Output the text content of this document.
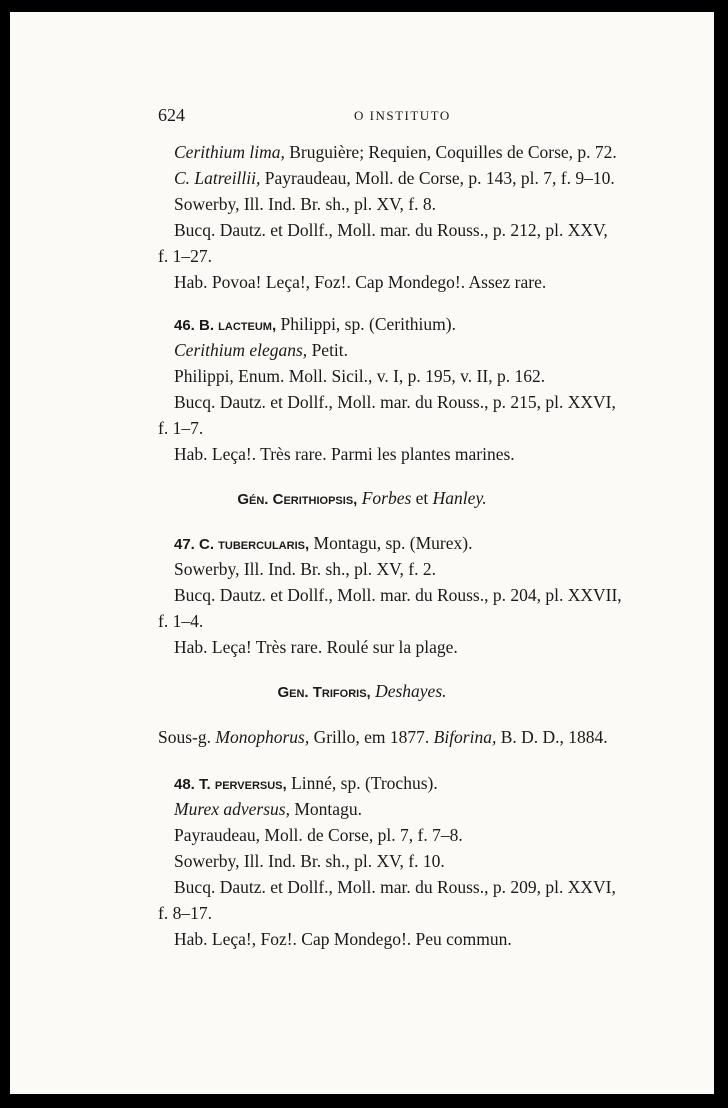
624	O INSTITUTO
Cerithium lima, Bruguière; Requien, Coquilles de Corse, p. 72.
C. Latreillii, Payraudeau, Moll. de Corse, p. 143, pl. 7, f. 9–10.
Sowerby, Ill. Ind. Br. sh., pl. XV, f. 8.
Bucq. Dautz. et Dollf., Moll. mar. du Rouss., p. 212, pl. XXV,
f. 1–27.
Hab. Povoa! Leça!, Foz!. Cap Mondego!. Assez rare.
46. B. lacteum, Philippi, sp. (Cerithium).
Cerithium elegans, Petit.
Philippi, Enum. Moll. Sicil., v. I, p. 195, v. II, p. 162.
Bucq. Dautz. et Dollf., Moll. mar. du Rouss., p. 215, pl. XXVI,
f. 1–7.
Hab. Leça!. Très rare. Parmi les plantes marines.
Gén. Cerithiopsis, Forbes et Hanley.
47. C. tubercularis, Montagu, sp. (Murex).
Sowerby, Ill. Ind. Br. sh., pl. XV, f. 2.
Bucq. Dautz. et Dollf., Moll. mar. du Rouss., p. 204, pl. XXVII,
f. 1–4.
Hab. Leça! Très rare. Roulé sur la plage.
Gen. Triforis, Deshayes.
Sous-g. Monophorus, Grillo, em 1877. Biforina, B. D. D., 1884.
48. T. perversus, Linné, sp. (Trochus).
Murex adversus, Montagu.
Payraudeau, Moll. de Corse, pl. 7, f. 7–8.
Sowerby, Ill. Ind. Br. sh., pl. XV, f. 10.
Bucq. Dautz. et Dollf., Moll. mar. du Rouss., p. 209, pl. XXVI,
f. 8–17.
Hab. Leça!, Foz!. Cap Mondego!. Peu commun.
